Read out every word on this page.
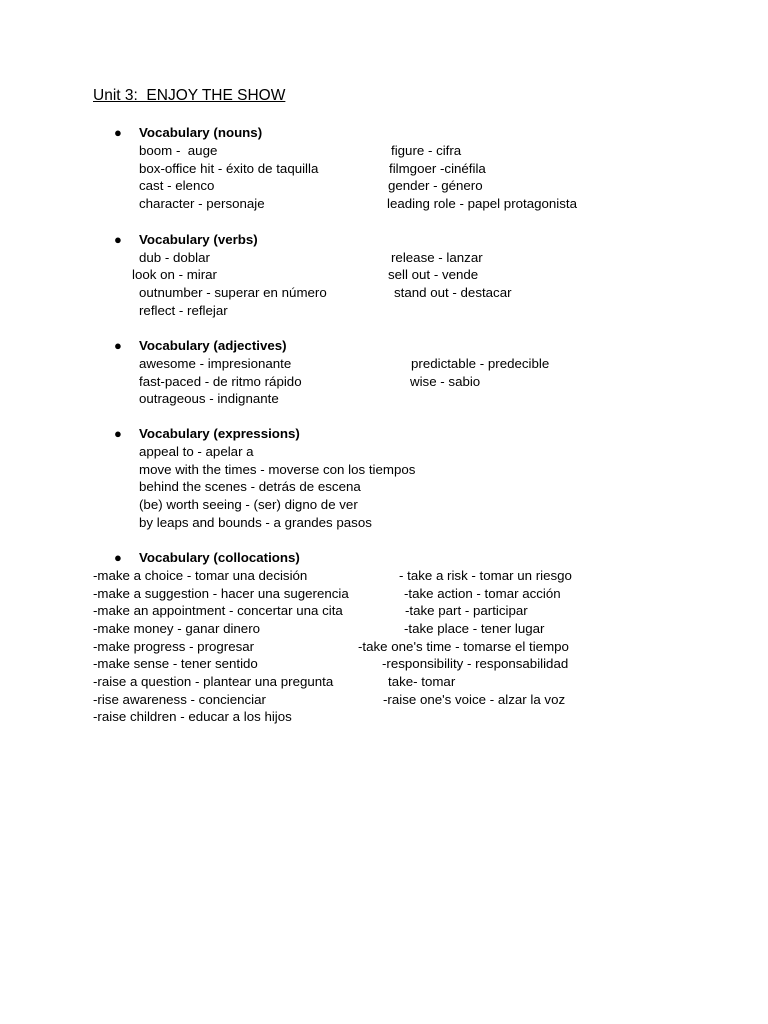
Unit 3:  ENJOY THE SHOW
● Vocabulary (nouns)
boom -  auge
box-office hit - éxito de taquilla
cast - elenco
character - personaje
figure - cifra
filmgoer -cinéfila
gender - género
leading role - papel protagonista
● Vocabulary (verbs)
dub - doblar
look on - mirar
outnumber - superar en número
reflect - reflejar
release - lanzar
sell out - vende
stand out - destacar
● Vocabulary (adjectives)
awesome - impresionante
fast-paced - de ritmo rápido
outrageous - indignante
predictable - predecible
wise - sabio
● Vocabulary (expressions)
appeal to - apelar a
move with the times - moverse con los tiempos
behind the scenes - detrás de escena
(be) worth seeing - (ser) digno de ver
by leaps and bounds - a grandes pasos
● Vocabulary (collocations)
-make a choice - tomar una decisión
-make a suggestion - hacer una sugerencia
-make an appointment - concertar una cita
-make money - ganar dinero
-make progress - progresar
-make sense - tener sentido
-raise a question - plantear una pregunta
-rise awareness - concienciar
-raise children - educar a los hijos
- take a risk - tomar un riesgo
-take action - tomar acción
-take part - participar
-take place - tener lugar
-take one's time - tomarse el tiempo
-responsibility - responsabilidad
take- tomar
-raise one's voice - alzar la voz
